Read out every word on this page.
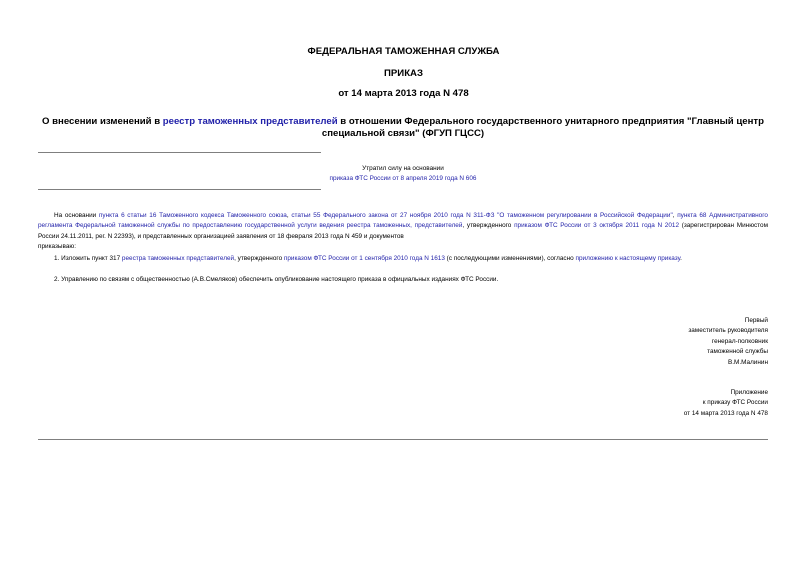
ФЕДЕРАЛЬНАЯ ТАМОЖЕННАЯ СЛУЖБА
ПРИКАЗ
от 14 марта 2013 года N 478
О внесении изменений в реестр таможенных представителей в отношении Федерального государственного унитарного предприятия "Главный центр специальной связи" (ФГУП ГЦСС)
Утратил силу на основании
приказа ФТС России от 8 апреля 2019 года N 606
На основании пункта 6 статьи 16 Таможенного кодекса Таможенного союза, статьи 55 Федерального закона от 27 ноября 2010 года N 311-ФЗ "О таможенном регулировании в Российской Федерации", пункта 68 Административного регламента Федеральной таможенной службы по предоставлению государственной услуги ведения реестра таможенных, представителей, утвержденного приказом ФТС России от 3 октября 2011 года N 2012 (зарегистрирован Минюстом России 24.11.2011, рег. N 22393), и представленных организацией заявления от 18 февраля 2013 года N 459 и документов
приказываю:
1. Изложить пункт 317 реестра таможенных представителей, утвержденного приказом ФТС России от 1 сентября 2010 года N 1613 (с последующими изменениями), согласно приложению к настоящему приказу.
2. Управлению по связям с общественностью (А.В.Смеляков) обеспечить опубликование настоящего приказа в официальных изданиях ФТС России.
Первый
заместитель руководителя
генерал-полковник
таможенной службы
В.М.Малинин
Приложение
к приказу ФТС России
от 14 марта 2013 года N 478
